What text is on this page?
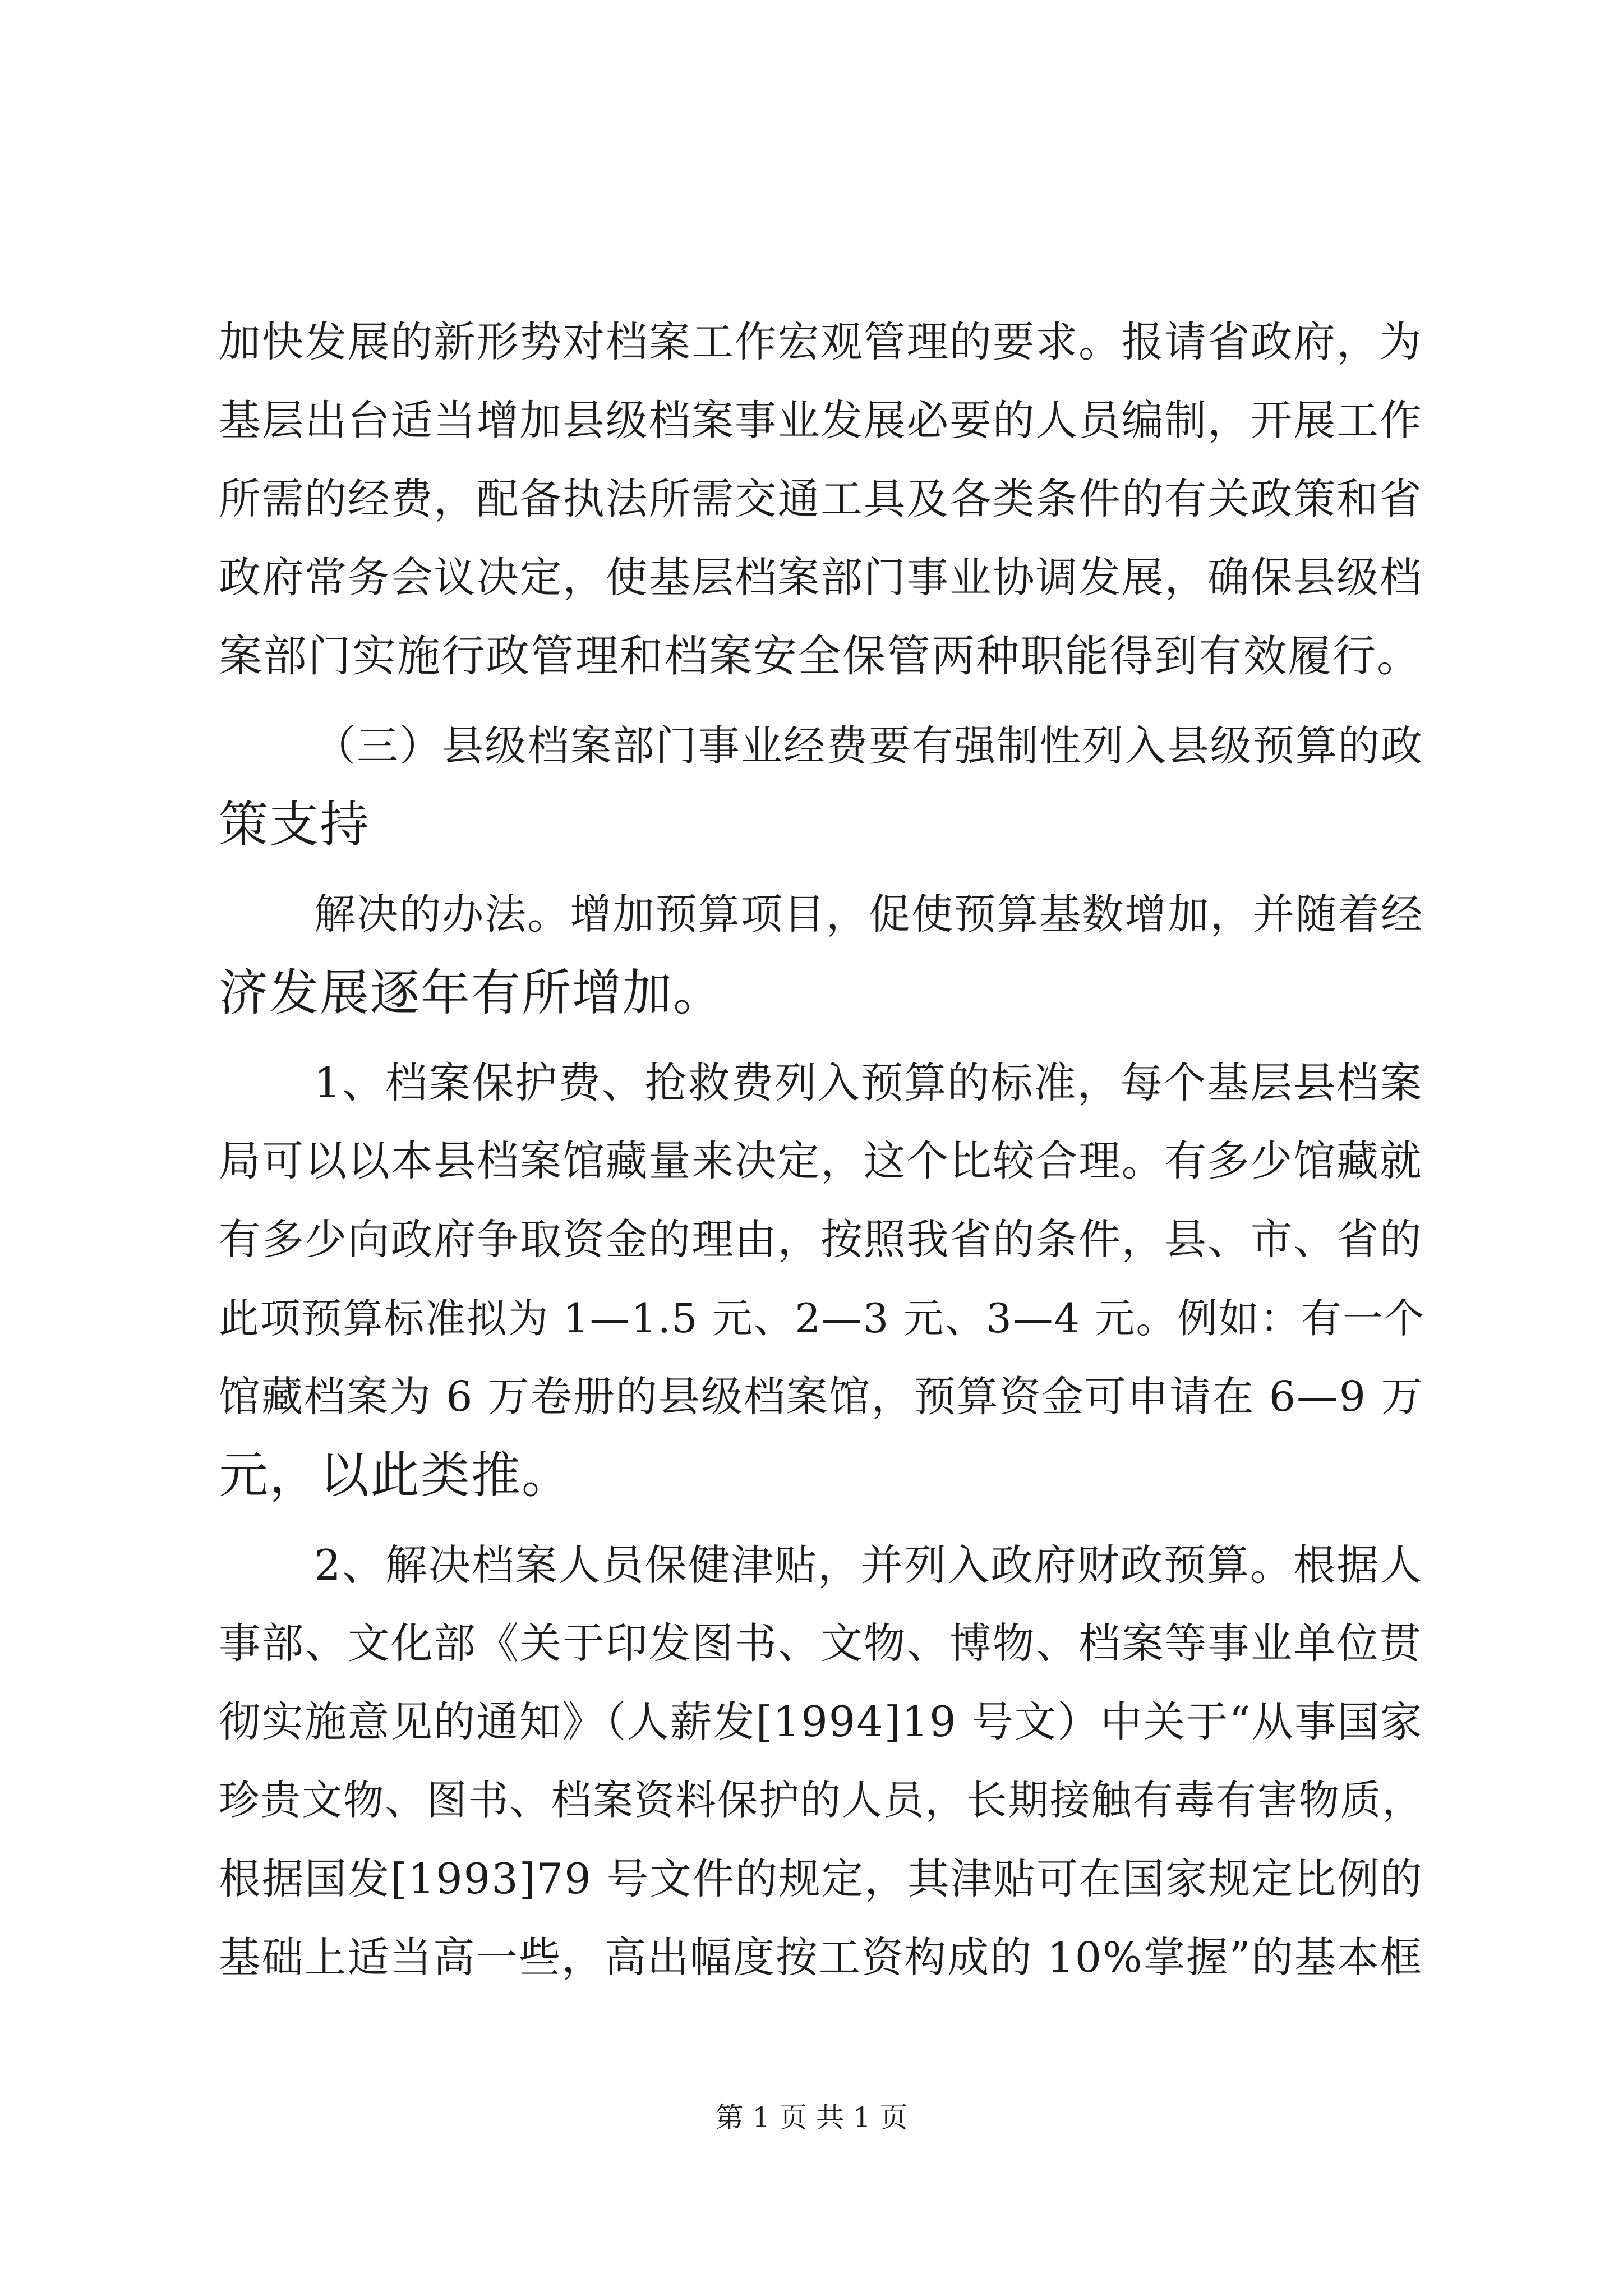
加快发展的新形势对档案工作宏观管理的要求。报请省政府，为
基层出台适当增加县级档案事业发展必要的人员编制，开展工作
所需的经费，配备执法所需交通工具及各类条件的有关政策和省
政府常务会议决定，使基层档案部门事业协调发展，确保县级档
案部门实施行政管理和档案安全保管两种职能得到有效履行。
（三）县级档案部门事业经费要有强制性列入县级预算的政
策支持
解决的办法。增加预算项目，促使预算基数增加，并随着经
济发展逐年有所增加。
1、档案保护费、抢救费列入预算的标准，每个基层县档案
局可以以本县档案馆藏量来决定，这个比较合理。有多少馆藏就
有多少向政府争取资金的理由，按照我省的条件，县、市、省的
此项预算标准拟为 1—1.5 元、2—3 元、3—4 元。例如：有一个
馆藏档案为 6 万卷册的县级档案馆，预算资金可申请在 6—9 万
元，以此类推。
2、解决档案人员保健津贴，并列入政府财政预算。根据人
事部、文化部《关于印发图书、文物、博物、档案等事业单位贯
彻实施意见的通知》（人薪发[1994]19 号文）中关于“从事国家
珍贵文物、图书、档案资料保护的人员，长期接触有毒有害物质，
根据国发[1993]79 号文件的规定，其津贴可在国家规定比例的
基础上适当高一些，高出幅度按工资构成的 10%掌握”的基本框
第 1 页 共 1 页
